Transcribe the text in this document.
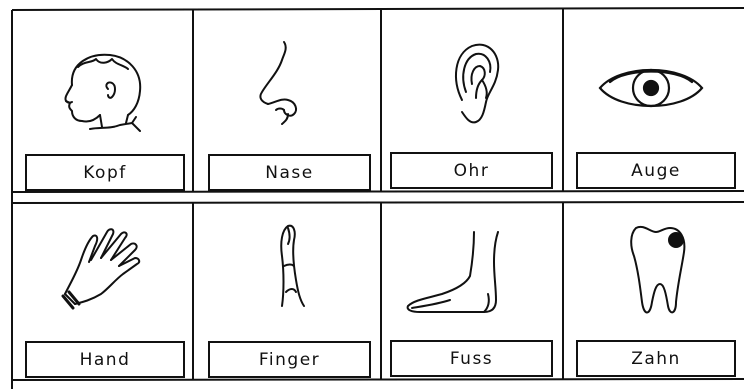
Kopf	Nase	Ohr	Auge
Hand	Finger	Fuss	Zahn
